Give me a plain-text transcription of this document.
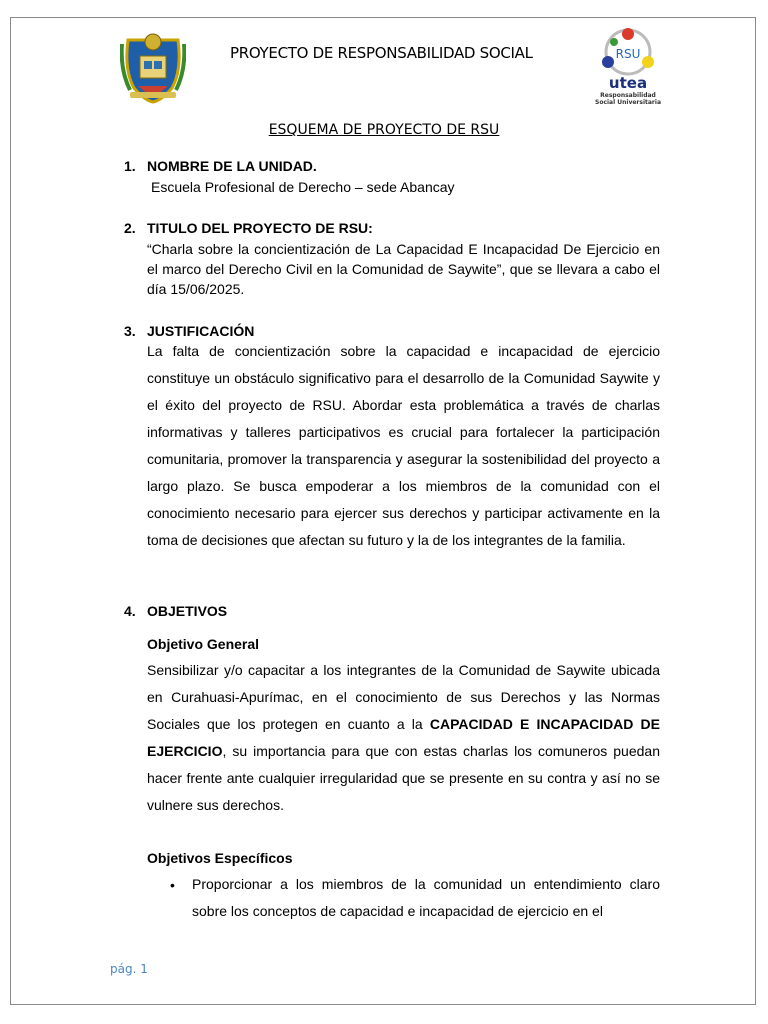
PROYECTO DE RESPONSABILIDAD SOCIAL	RSU
utea
Responsabilidad
Social Universitaria
ESQUEMA DE PROYECTO DE RSU
1. NOMBRE DE LA UNIDAD.
Escuela Profesional de Derecho – sede Abancay
2. TITULO DEL PROYECTO DE RSU:
“Charla sobre la concientización de La Capacidad E Incapacidad De Ejercicio en el marco del Derecho Civil en la Comunidad de Saywite”, que se llevara a cabo el día 15/06/2025.
3. JUSTIFICACIÓN
La falta de concientización sobre la capacidad e incapacidad de ejercicio constituye un obstáculo significativo para el desarrollo de la Comunidad Saywite y el éxito del proyecto de RSU. Abordar esta problemática a través de charlas informativas y talleres participativos es crucial para fortalecer la participación comunitaria, promover la transparencia y asegurar la sostenibilidad del proyecto a largo plazo. Se busca empoderar a los miembros de la comunidad con el conocimiento necesario para ejercer sus derechos y participar activamente en la toma de decisiones que afectan su futuro y la de los integrantes de la familia.
4. OBJETIVOS
Objetivo General
Sensibilizar y/o capacitar a los integrantes de la Comunidad de Saywite ubicada en Curahuasi-Apurímac, en el conocimiento de sus Derechos y las Normas Sociales que los protegen en cuanto a la CAPACIDAD E INCAPACIDAD DE EJERCICIO, su importancia para que con estas charlas los comuneros puedan hacer frente ante cualquier irregularidad que se presente en su contra y así no se vulnere sus derechos.
Objetivos Específicos
• Proporcionar a los miembros de la comunidad un entendimiento claro sobre los conceptos de capacidad e incapacidad de ejercicio en el
pág. 1
